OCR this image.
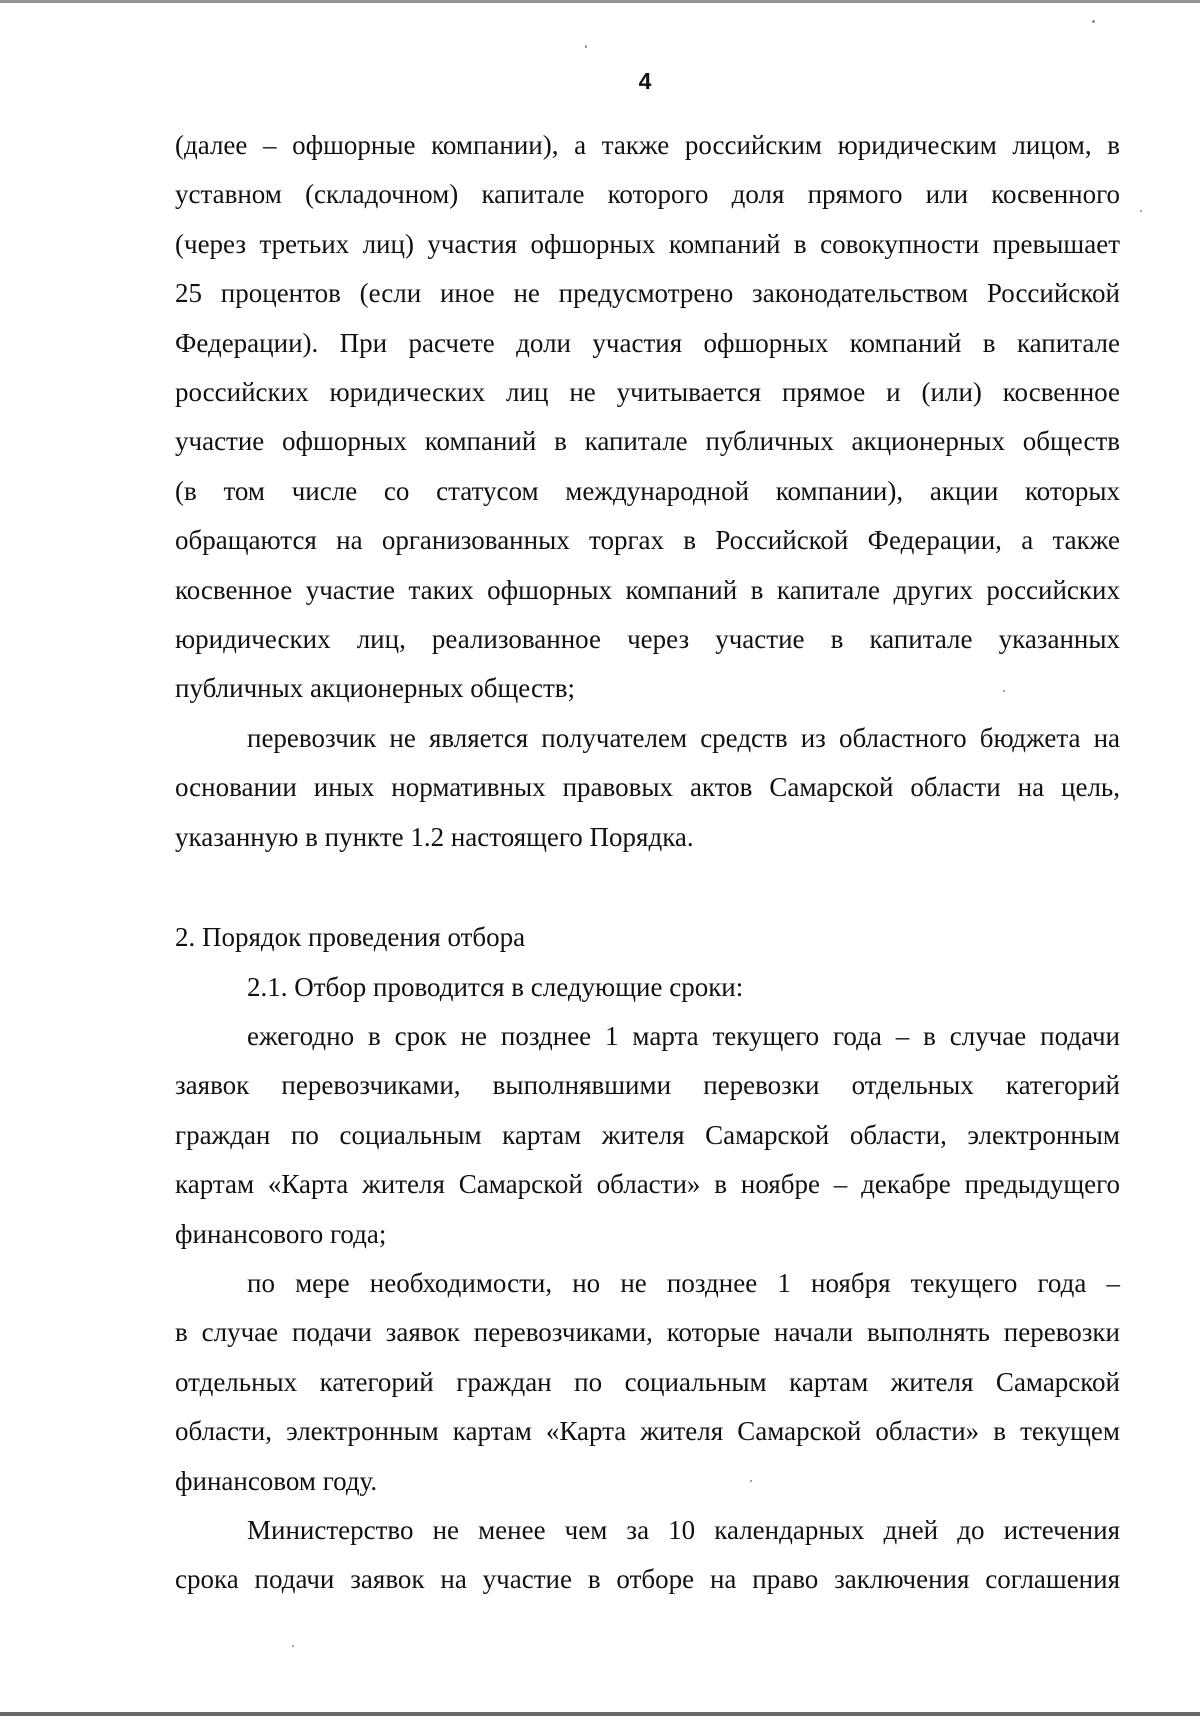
4
(далее – офшорные компании), а также российским юридическим лицом, в
уставном (складочном) капитале которого доля прямого или косвенного
(через третьих лиц) участия офшорных компаний в совокупности превышает
25 процентов (если иное не предусмотрено законодательством Российской
Федерации). При расчете доли участия офшорных компаний в капитале
российских юридических лиц не учитывается прямое и (или) косвенное
участие офшорных компаний в капитале публичных акционерных обществ
(в том числе со статусом международной компании), акции которых
обращаются на организованных торгах в Российской Федерации, а также
косвенное участие таких офшорных компаний в капитале других российских
юридических лиц, реализованное через участие в капитале указанных
публичных акционерных обществ;
перевозчик не является получателем средств из областного бюджета на
основании иных нормативных правовых актов Самарской области на цель,
указанную в пункте 1.2 настоящего Порядка.
2. Порядок проведения отбора
2.1. Отбор проводится в следующие сроки:
ежегодно в срок не позднее 1 марта текущего года – в случае подачи
заявок перевозчиками, выполнявшими перевозки отдельных категорий
граждан по социальным картам жителя Самарской области, электронным
картам «Карта жителя Самарской области» в ноябре – декабре предыдущего
финансового года;
по мере необходимости, но не позднее 1 ноября текущего года –
в случае подачи заявок перевозчиками, которые начали выполнять перевозки
отдельных категорий граждан по социальным картам жителя Самарской
области, электронным картам «Карта жителя Самарской области» в текущем
финансовом году.
Министерство не менее чем за 10 календарных дней до истечения
срока подачи заявок на участие в отборе на право заключения соглашения
